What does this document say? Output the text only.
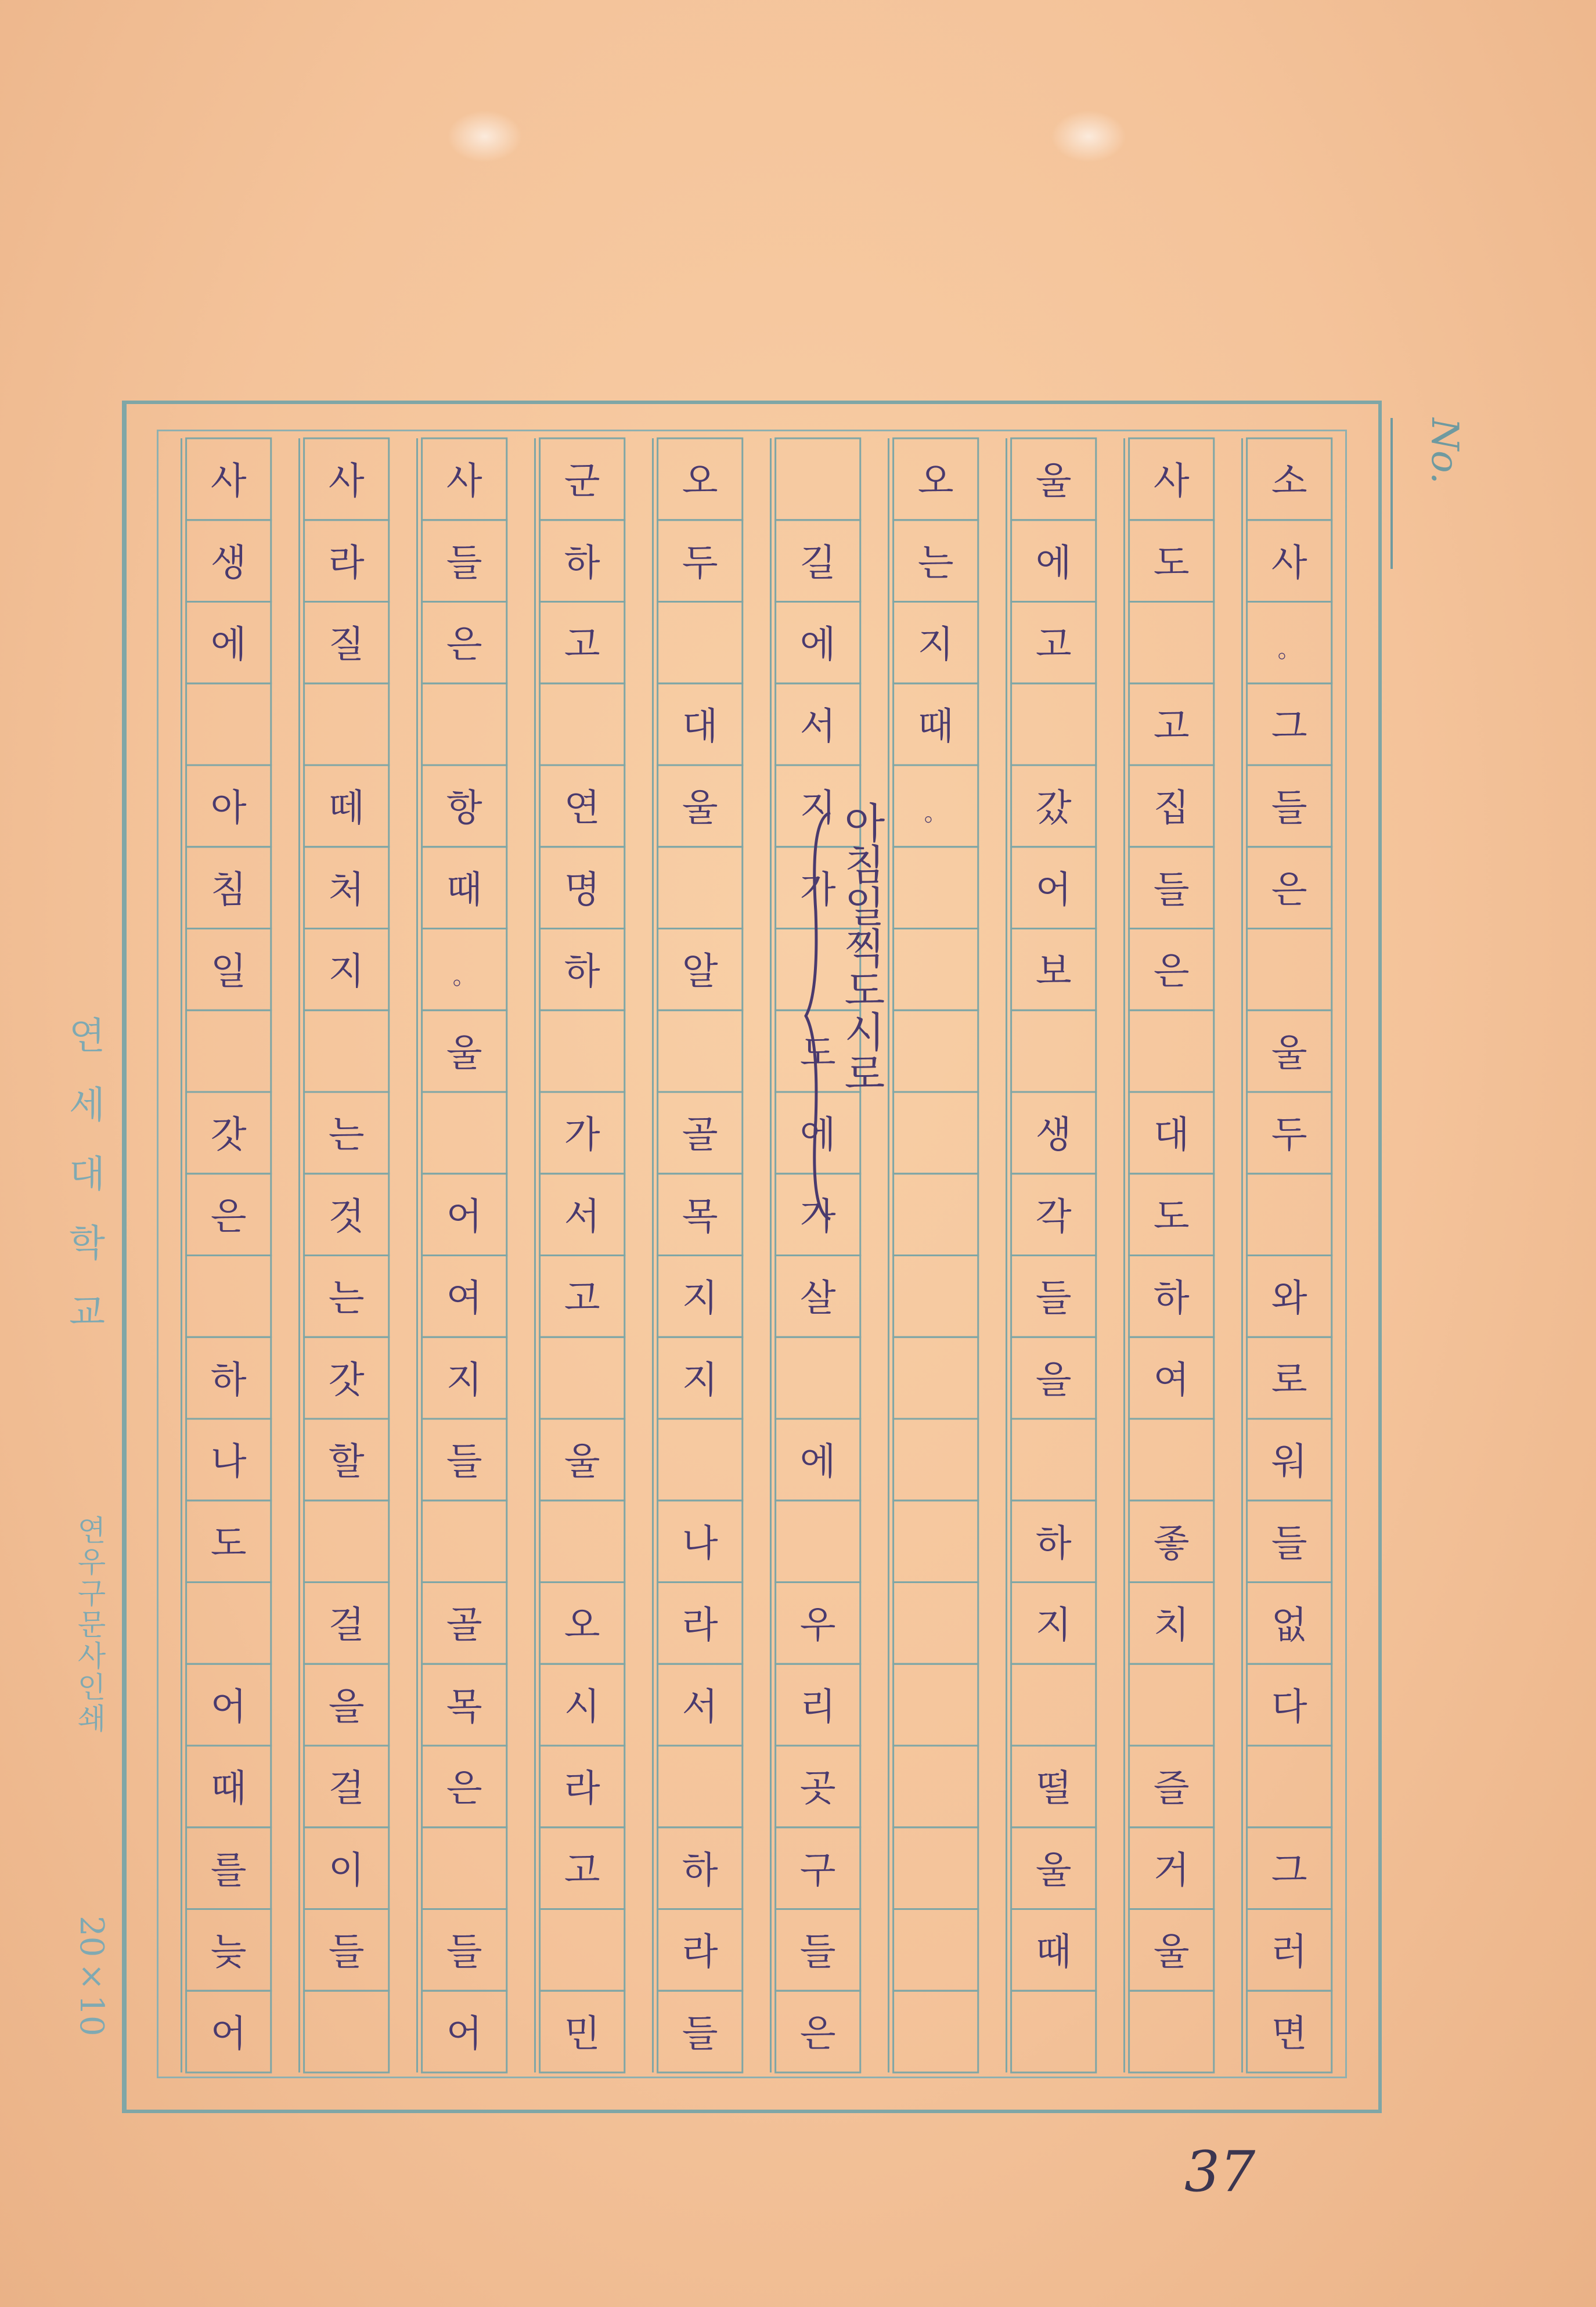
소
사
。
그
들
은
울
두
와
로
워
들
없
다
그
러
면
사
도
고
집
들
은
대
도
하
여
좋
치
즐
거
울
울
에
고
갔
어
보
생
각
들
을
하
지
떨
울
때
오
는
지
때
。
길
에
서
지
가
도
에
가
살
에
우
리
곳
구
들
은
오
두
대
울
알
골
목
지
지
나
라
서
하
라
들
군
하
고
연
명
하
가
서
고
울
오
시
라
고
민
사
들
은
항
때
。
울
어
여
지
들
골
목
은
들
어
사
라
질
떼
처
지
는
것
는
갓
할
걸
을
걸
이
들
사
생
에
아
침
일
갓
은
하
나
도
어
때
를
늦
어
No.
연세대학교
연우구문사인쇄
20×10
아침일찍도시로
37
